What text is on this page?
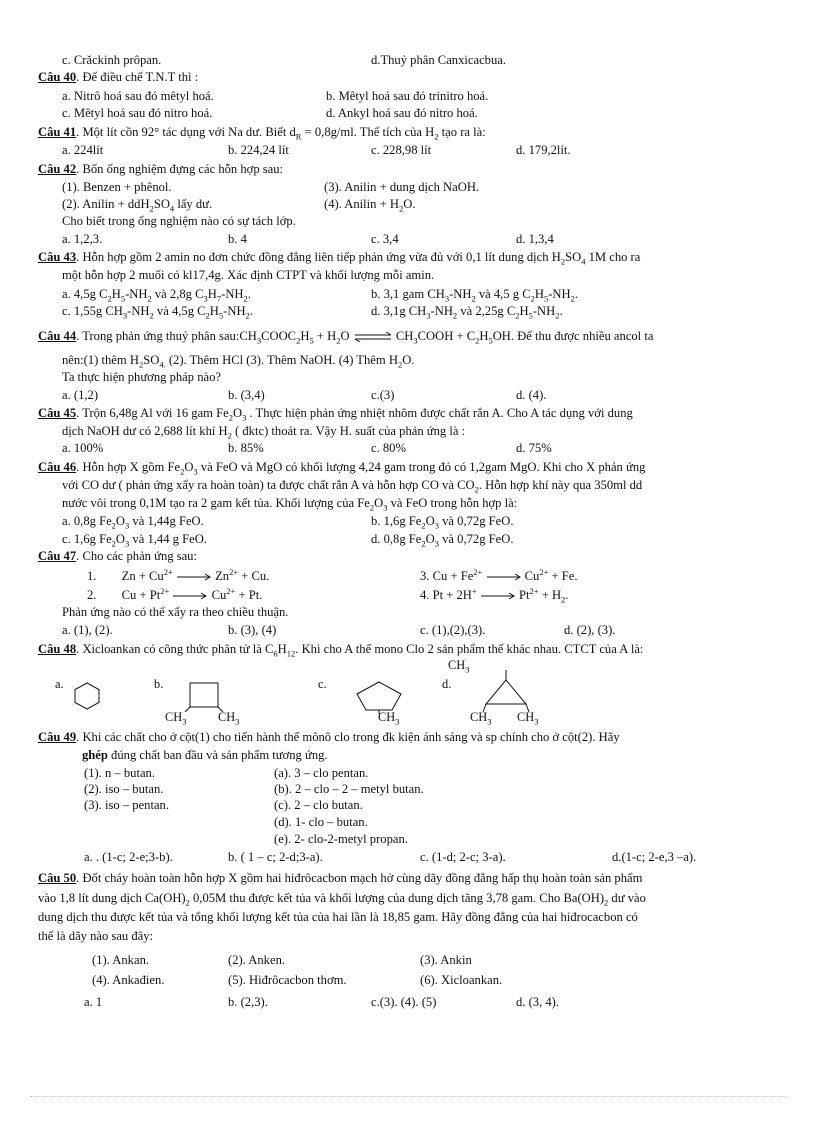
c. Crăckinh prôpan.	d.Thuỷ phân Canxicacbua.
Câu 40. Để điều chế T.N.T thì :
a. Nitrô hoá sau đó mêtyl hoá.	b. Mêtyl hoá sau đó trinitro hoá.
c. Mêtyl hoá sau đó nitro hoá.	d. Ankyl hoá sau đó nitro hoá.
Câu 41. Một lít cồn 92° tác dụng với Na dư. Biết $d_R = 0,8g/ml$. Thể tích của $H_2$ tạo ra là:
a. 224lít	b. 224,24 lít	c. 228,98 lít	d. 179,2lít.
Câu 42. Bốn ống nghiệm đựng các hỗn hợp sau:
(1). Benzen + phênol.	(3). Anilin + dung dịch NaOH.
(2). Anilin + $ddH_2SO_4$ lấy dư.	(4). Anilin + $H_2O$.
Cho biết trong ống nghiệm nào có sự tách lớp.
a. 1,2,3.	b. 4	c. 3,4	d. 1,3,4
Câu 43. Hỗn hợp gồm 2 amin no đơn chức đồng đẳng liên tiếp phản ứng vừa đủ với 0,1 lít dung dịch $H_2SO_4$ 1M cho ra
một hỗn hợp 2 muối có kl17,4g. Xác định CTPT và khối lượng mỗi amin.
a. 4,5g $C_2H_5-NH_2$ và 2,8g $C_3H_7-NH_2$.	b. 3,1 gam $CH_3-NH_2$ và 4,5 g $C_2H_5-NH_2$.
c. 1,55g $CH_3-NH_2$ và 4,5g $C_2H_5-NH_2$.	d. 3,1g $CH_3-NH_2$ và 2,25g $C_2H_5-NH_2$.
Câu 44. Trong phản ứng thuỷ phân $sau:CH_3COOC_2H_5 + H_2O$ ⇌ $CH_3COOH + C_2H_5OH$. Để thu được nhiều ancol ta
nên:(1) thêm $H_2SO_{4.}$ (2). Thêm HCl (3). Thêm NaOH. (4) Thêm $H_2O$.
Ta thực hiện phương pháp nào?
a. (1,2)	b. (3,4)	c.(3)	d. (4).
Câu 45. Trộn 6,48g Al với 16 gam $Fe_2O_3$ . Thực hiện phản ứng nhiệt nhôm được chất rắn A. Cho A tác dụng với dung
dịch NaOH dư có 2,688 lít khí $H_2$ ( đktc) thoát ra. Vậy H. suất của phản ứng là :
a. 100%	b. 85%	c. 80%	d. 75%
Câu 46. Hỗn hợp X gồm $Fe_2O_3$ và FeO và MgO có khối lượng 4,24 gam trong đó có 1,2gam MgO. Khi cho X phản ứng
với CO dư ( phản ứng xẩy ra hoàn toàn) ta được chất rắn A và hỗn hợp CO và $CO_2$. Hỗn hợp khí này qua 350ml dd
nước vôi trong 0,1M tạo ra 2 gam kết tủa. Khối lượng của $Fe_2O_3$ và FeO trong hỗn hợp là:
a. 0,8g $Fe_2O_3$ và 1,44g FeO.	b. 1,6g $Fe_2O_3$ và 0,72g FeO.
c. 1,6g $Fe_2O_3$ và 1,44 g FeO.	d. 0,8g $Fe_2O_3$ và 0,72g FeO.
Câu 47. Cho các phản ứng sau:
1.        $Zn + Cu^{2+}$	$Zn^{2+} + Cu$.	3. $Cu + Fe^{2+}$	$Cu^{2+} + Fe$.
2.        $Cu + Pt^{2+}$	$Cu^{2+} + Pt$.	4. Pt + 2H+	$Pt^{2+} + H_2$.
Phản ứng nào có thể xẩy ra theo chiều thuận.
a. (1), (2).	b. (3), (4)	c. (1),(2),(3).	d. (2), (3).
Câu 48. Xicloankan có công thức phân tử là $C_6H_{12}$. Khi cho A thế mono Clo 2 sản phẩm thế khác nhau. CTCT của A là:
$CH_3$
a.	b.
$CH_3$	$CH_3$
c.
$CH_3$
d.
$CH_3$ $CH_3$
Câu 49. Khi các chất cho ở cột(1) cho tiến hành thế mônô clo trong đk kiện ánh sáng và sp chính cho ở cột(2). Hãy
ghép đúng chất ban đầu và sản phẩm tương ứng.
(1). n – butan.	(a). 3 – clo pentan.
(2). iso – butan.	(b). 2 – clo – 2 – metyl butan.
(3). iso – pentan.	(c). 2 – clo butan.
(d). 1- clo – butan.
(e). 2- clo-2-metyl propan.
a. . (1-c; 2-e;3-b).	b. ( 1 – c; 2-d;3-a).	c. (1-d; 2-c; 3-a).	d.(1-c; 2-e,3 –a).
Câu 50. Đốt cháy hoàn toàn hỗn hợp X gồm hai hiđrôcacbon mạch hở cùng dãy đồng đẳng hấp thụ hoàn toàn sản phẩm
vào 1,8 lít dung dịch $Ca(OH)_2$ 0,05M thu được kết tủa và khối lượng của dung dịch tăng 3,78 gam. Cho $Ba(OH)_2$ dư vào
dung dịch thu được kết tủa và tổng khối lượng kết tủa của hai lần là 18,85 gam. Hãy đồng đẳng của hai hiđrocacbon có
thể là dãy nào sau đây:
(1). Ankan.	(2). Anken.	(3). Ankin
(4). Ankađien.	(5). Hiđrôcacbon thơm.	(6). Xicloankan.
a. 1	b. (2,3).	c.(3). (4). (5)	d. (3, 4).
